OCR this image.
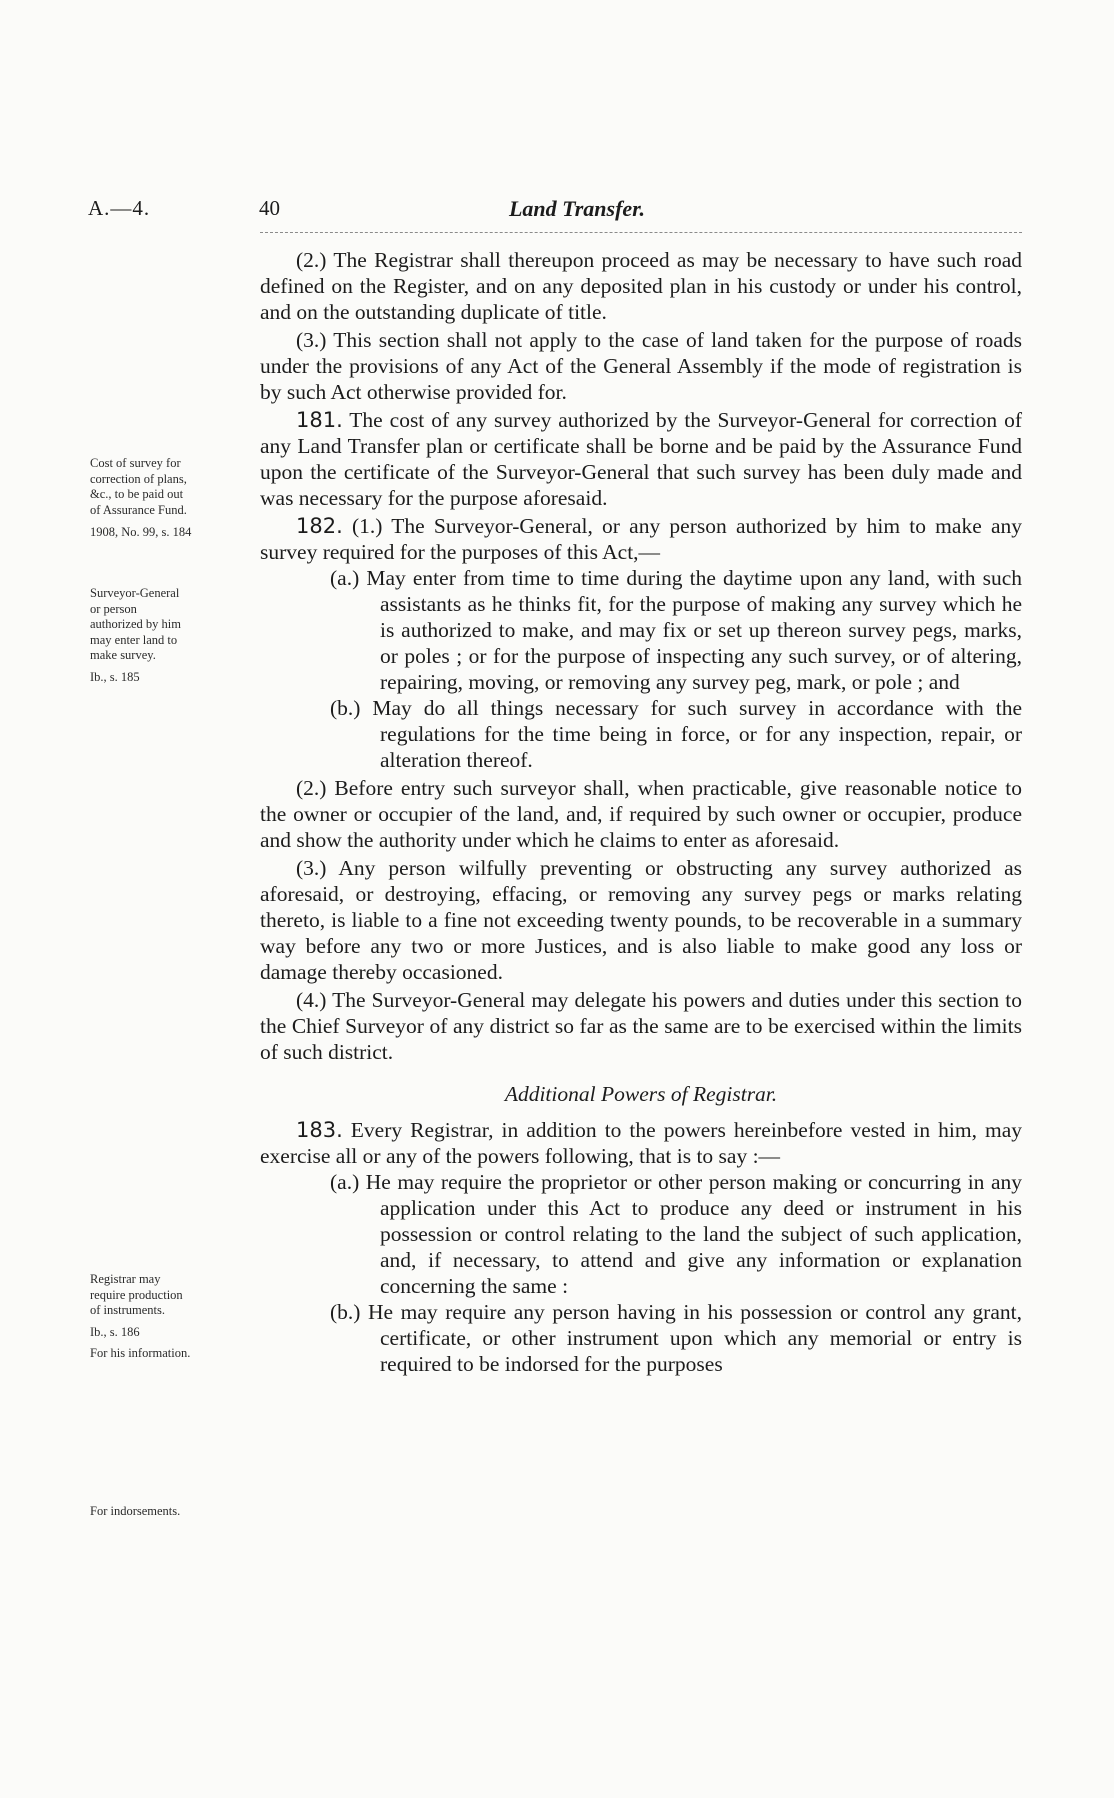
A.—4.	40	Land Transfer.

Cost of survey for

correction of plans,

&c., to be paid out

of Assurance Fund.

1908, No. 99, s. 184

Surveyor-General

or person

authorized by him

may enter land to

make survey.

Ib., s. 185

Registrar may

require production

of instruments.

Ib., s. 186

For his information.

For indorsements.

(2.) The Registrar shall thereupon proceed as may be necessary to have such road defined on the Register, and on any deposited plan in his custody or under his control, and on the outstanding duplicate of title.

(3.) This section shall not apply to the case of land taken for the purpose of roads under the provisions of any Act of the General Assembly if the mode of registration is by such Act otherwise provided for.

181. The cost of any survey authorized by the Surveyor-General for correction of any Land Transfer plan or certificate shall be borne and be paid by the Assurance Fund upon the certificate of the Surveyor-General that such survey has been duly made and was necessary for the purpose aforesaid.

182. (1.) The Surveyor-General, or any person authorized by him to make any survey required for the purposes of this Act,—

(a.) May enter from time to time during the daytime upon any land, with such assistants as he thinks fit, for the purpose of making any survey which he is authorized to make, and may fix or set up thereon survey pegs, marks, or poles ; or for the purpose of inspecting any such survey, or of altering, repairing, moving, or removing any survey peg, mark, or pole ; and

(b.) May do all things necessary for such survey in accordance with the regulations for the time being in force, or for any inspection, repair, or alteration thereof.

(2.) Before entry such surveyor shall, when practicable, give reasonable notice to the owner or occupier of the land, and, if required by such owner or occupier, produce and show the authority under which he claims to enter as aforesaid.

(3.) Any person wilfully preventing or obstructing any survey authorized as aforesaid, or destroying, effacing, or removing any survey pegs or marks relating thereto, is liable to a fine not exceeding twenty pounds, to be recoverable in a summary way before any two or more Justices, and is also liable to make good any loss or damage thereby occasioned.

(4.) The Surveyor-General may delegate his powers and duties under this section to the Chief Surveyor of any district so far as the same are to be exercised within the limits of such district.

Additional Powers of Registrar.

183. Every Registrar, in addition to the powers hereinbefore vested in him, may exercise all or any of the powers following, that is to say :—

(a.) He may require the proprietor or other person making or concurring in any application under this Act to produce any deed or instrument in his possession or control relating to the land the subject of such application, and, if necessary, to attend and give any information or explanation concerning the same :

(b.) He may require any person having in his possession or control any grant, certificate, or other instrument upon which any memorial or entry is required to be indorsed for the purposes
